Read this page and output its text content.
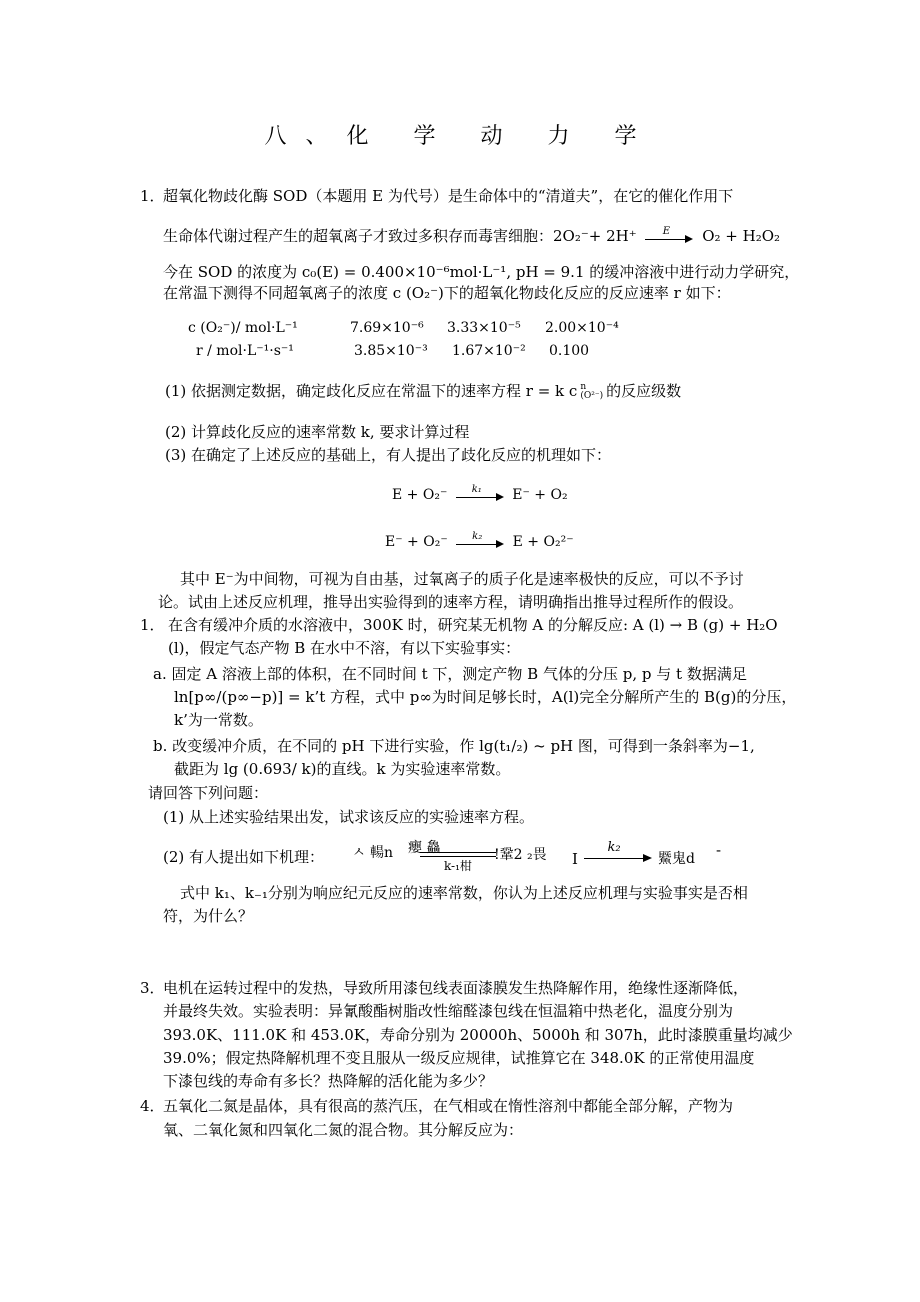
八、化 学 动 力 学
1．
超氧化物歧化酶 SOD（本题用 E 为代号）是生命体中的“清道夫”，在它的催化作用下
生命体代谢过程产生的超氧离子才致过多积存而毒害细胞：2O₂⁻+ 2H⁺	E	O₂ + H₂O₂
今在 SOD 的浓度为 c₀(E) = 0.400×10⁻⁶mol·L⁻¹, pH = 9.1 的缓冲溶液中进行动力学研究，
在常温下测得不同超氧离子的浓度 c (O₂⁻)下的超氧化物歧化反应的反应速率 r 如下：
c (O₂⁻)/ mol·L⁻¹	7.69×10⁻⁶ 3.33×10⁻⁵ 2.00×10⁻⁴
r / mol·L⁻¹·s⁻¹	3.85×10⁻³ 1.67×10⁻² 0.100
(1) 依据测定数据，确定歧化反应在常温下的速率方程 r = k c n
(O²⁻) 的反应级数
(2) 计算歧化反应的速率常数 k, 要求计算过程
(3) 在确定了上述反应的基础上，有人提出了歧化反应的机理如下：
E + O₂⁻	k₁	E⁻ + O₂
E⁻ + O₂⁻	k₂	E + O₂²⁻
其中 E⁻为中间物，可视为自由基，过氧离子的质子化是速率极快的反应，可以不予讨
论。试由上述反应机理，推导出实验得到的速率方程，请明确指出推导过程所作的假设。
1． 在含有缓冲介质的水溶液中，300K 时，研究某无机物 A 的分解反应: A (l) → B (g) + H₂O
(l)，假定气态产物 B 在水中不溶，有以下实验事实：
a. 固定 A 溶液上部的体积，在不同时间 t 下，测定产物 B 气体的分压 p, p 与 t 数据满足
ln[p∞/(p∞−p)] = k’t 方程，式中 p∞为时间足够长时，A(l)完全分解所产生的 B(g)的分压，
k’为一常数。
b. 改变缓冲介质，在不同的 pH 下进行实验，作 lg(t₁/₂) ~ pH 图，可得到一条斜率为−1,
截距为 lg (0.693/ k)的直线。k 为实验速率常数。
请回答下列问题：
(1) 从上述实验结果出发，试求该反应的实验速率方程。
(2) 有人提出如下机理： ㅅ 輰n 癭 鱻
k-₁柑
!鞏2 ₂畏 I
k₂
鱀鬼d -
式中 k₁、k₋₁分别为响应纪元反应的速率常数，你认为上述反应机理与实验事实是否相
符，为什么？
3．
电机在运转过程中的发热，导致所用漆包线表面漆膜发生热降解作用，绝缘性逐渐降低，
并最终失效。实验表明：异氰酸酯树脂改性缩醛漆包线在恒温箱中热老化，温度分别为
393.0K、111.0K 和 453.0K，寿命分别为 20000h、5000h 和 307h，此时漆膜重量均减少
39.0%；假定热降解机理不变且服从一级反应规律，试推算它在 348.0K 的正常使用温度
下漆包线的寿命有多长？热降解的活化能为多少？
4．
五氧化二氮是晶体，具有很高的蒸汽压，在气相或在惰性溶剂中都能全部分解，产物为
氧、二氧化氮和四氧化二氮的混合物。其分解反应为：
